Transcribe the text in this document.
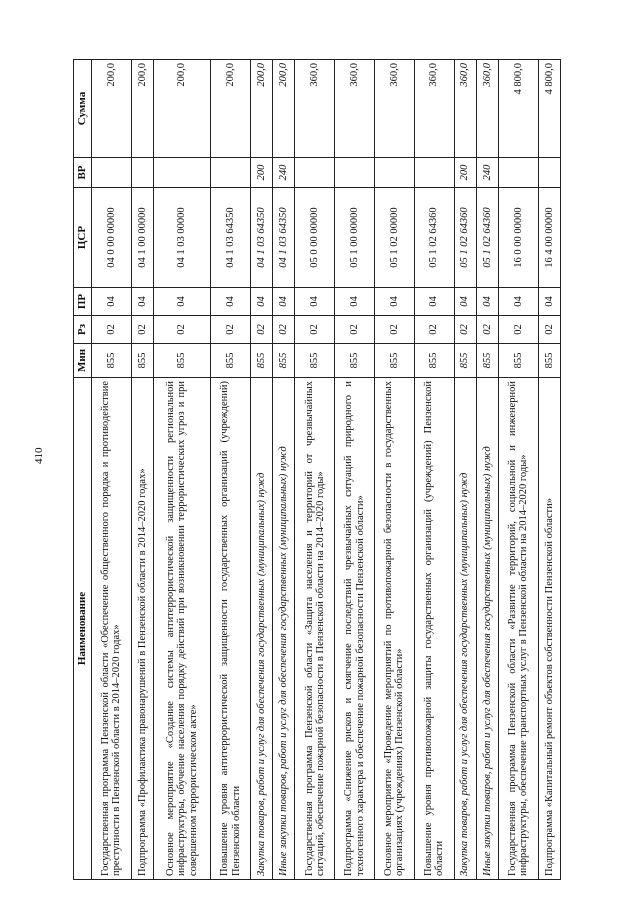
410
Наименование	Мин	Рз	ПР	ЦСР	ВР	Сумма
Государственная программа Пензенской области «Обеспечение общественного порядка и противодействие преступности в Пензенской области в 2014–2020 годах»	855	02	04	04 0 00 00000		200,0
Подпрограмма «Профилактика правонарушений в Пензенской области в 2014–2020 годах»	855	02	04	04 1 00 00000		200,0
Основное мероприятие «Создание системы антитеррористической защищенности региональной инфраструктуры, обучение населения порядку действий при возникновении террористических угроз и при совершенном террористическом акте»	855	02	04	04 1 03 00000		200,0
Повышение уровня антитеррористической защищенности государственных организаций (учреждений) Пензенской области	855	02	04	04 1 03 64350		200,0
Закупка товаров, работ и услуг для обеспечения государственных (муниципальных) нужд	855	02	04	04 1 03 64350	200	200,0
Иные закупки товаров, работ и услуг для обеспечения государственных (муниципальных) нужд	855	02	04	04 1 03 64350	240	200,0
Государственная программа Пензенской области «Защита населения и территорий от чрезвычайных ситуаций, обеспечение пожарной безопасности в Пензенской области на 2014–2020 годы»	855	02	04	05 0 00 00000		360,0
Подпрограмма «Снижение рисков и смягчение последствий чрезвычайных ситуаций природного и техногенного характера и обеспечение пожарной безопасности Пензенской области»	855	02	04	05 1 00 00000		360,0
Основное мероприятие «Проведение мероприятий по противопожарной безопасности в государственных организациях (учреждениях) Пензенской области»	855	02	04	05 1 02 00000		360,0
Повышение уровня противопожарной защиты государственных организаций (учреждений) Пензенской области	855	02	04	05 1 02 64360		360,0
Закупка товаров, работ и услуг для обеспечения государственных (муниципальных) нужд	855	02	04	05 1 02 64360	200	360,0
Иные закупки товаров, работ и услуг для обеспечения государственных (муниципальных) нужд	855	02	04	05 1 02 64360	240	360,0
Государственная программа Пензенской области «Развитие территорий, социальной и инженерной инфраструктуры, обеспечение транспортных услуг в Пензенской области на 2014–2020 годы»	855	02	04	16 0 00 00000		4 800,0
Подпрограмма «Капитальный ремонт объектов собственности Пензенской области»	855	02	04	16 4 00 00000		4 800,0
